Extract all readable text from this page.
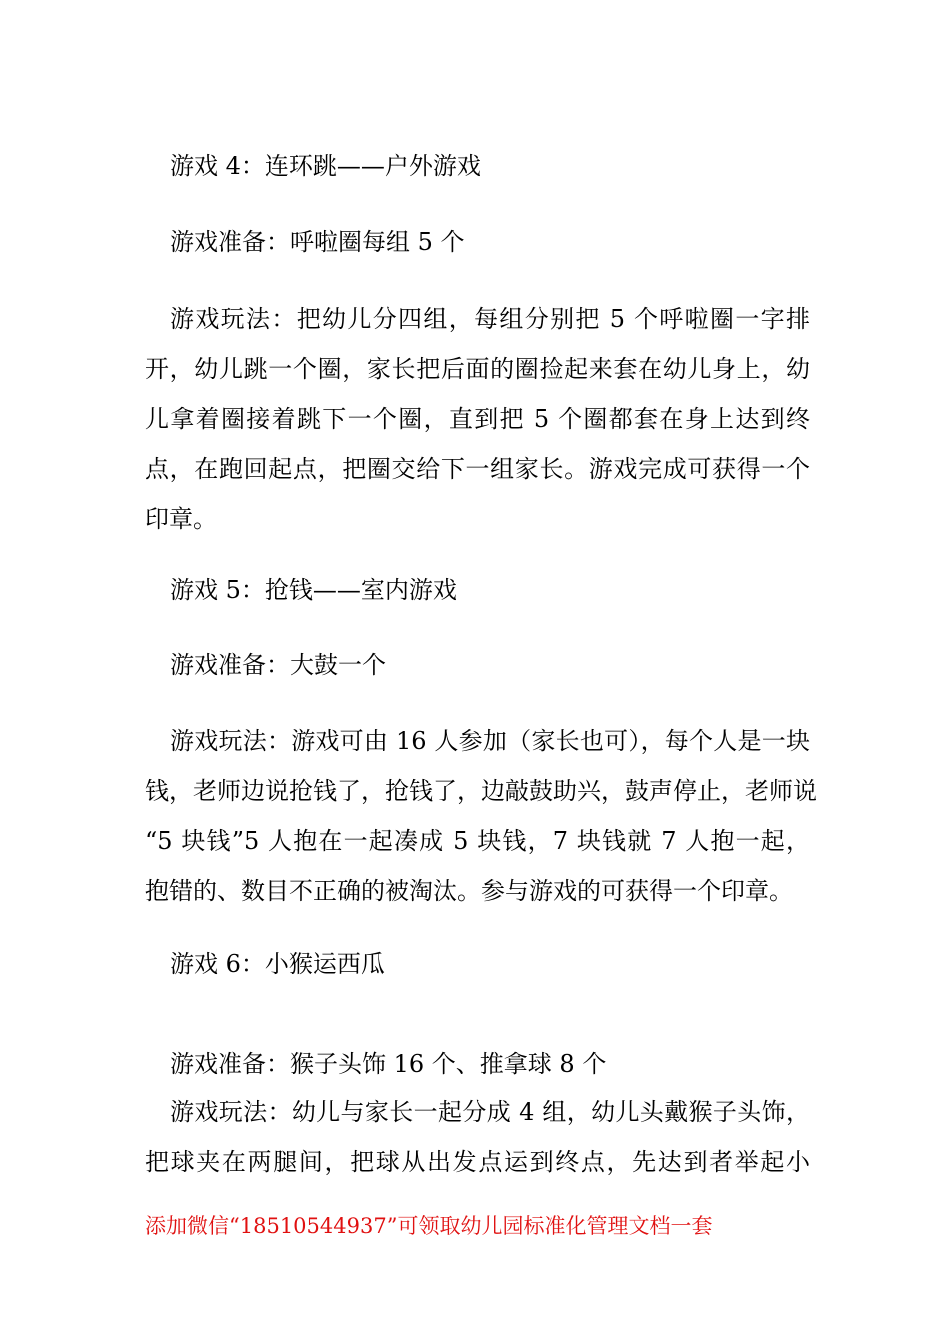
游戏 4：连环跳——户外游戏
游戏准备：呼啦圈每组 5 个
游戏玩法：把幼儿分四组，每组分别把 5 个呼啦圈一字排
开，幼儿跳一个圈，家长把后面的圈捡起来套在幼儿身上，幼
儿拿着圈接着跳下一个圈，直到把 5 个圈都套在身上达到终
点，在跑回起点，把圈交给下一组家长。游戏完成可获得一个
印章。
游戏 5：抢钱——室内游戏
游戏准备：大鼓一个
游戏玩法：游戏可由 16 人参加（家长也可），每个人是一块
钱，老师边说抢钱了，抢钱了，边敲鼓助兴，鼓声停止，老师说
“5 块钱”5 人抱在一起凑成 5 块钱，7 块钱就 7 人抱一起，
抱错的、数目不正确的被淘汰。参与游戏的可获得一个印章。
游戏 6：小猴运西瓜
游戏准备：猴子头饰 16 个、推拿球 8 个
游戏玩法：幼儿与家长一起分成 4 组，幼儿头戴猴子头饰，
把球夹在两腿间，把球从出发点运到终点，先达到者举起小
添加微信“18510544937”可领取幼儿园标准化管理文档一套
